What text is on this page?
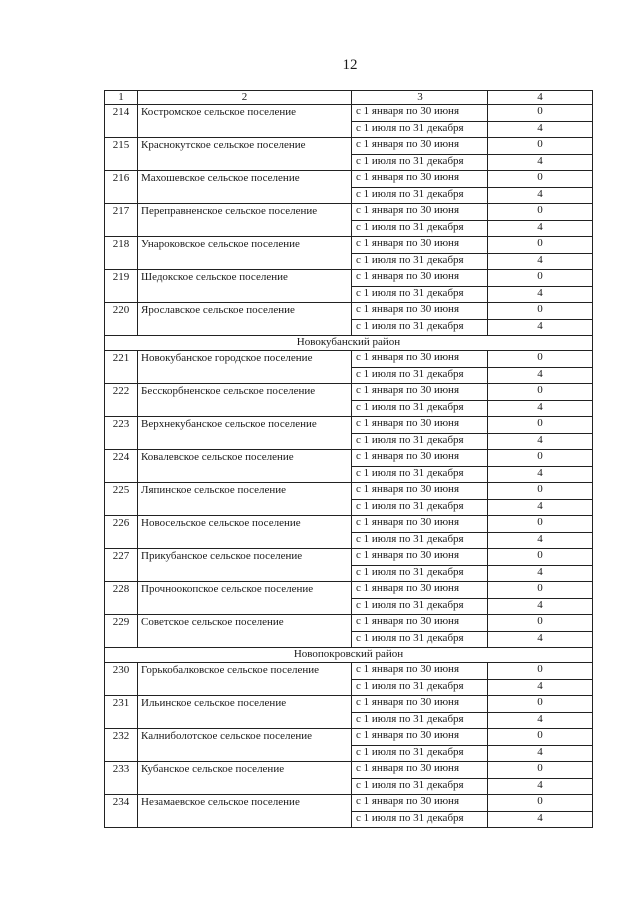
12
1	2	3	4
214	Костромское сельское поселение	с 1 января по 30 июня	0
		с 1 июля по 31 декабря	4
215	Краснокутское сельское поселение	с 1 января по 30 июня	0
		с 1 июля по 31 декабря	4
216	Махошевское сельское поселение	с 1 января по 30 июня	0
		с 1 июля по 31 декабря	4
217	Переправненское сельское поселение	с 1 января по 30 июня	0
		с 1 июля по 31 декабря	4
218	Унароковское сельское поселение	с 1 января по 30 июня	0
		с 1 июля по 31 декабря	4
219	Шедокское сельское поселение	с 1 января по 30 июня	0
		с 1 июля по 31 декабря	4
220	Ярославское сельское поселение	с 1 января по 30 июня	0
		с 1 июля по 31 декабря	4
Новокубанский район			
221	Новокубанское городское поселение	с 1 января по 30 июня	0
		с 1 июля по 31 декабря	4
222	Бесскорбненское сельское поселение	с 1 января по 30 июня	0
		с 1 июля по 31 декабря	4
223	Верхнекубанское сельское поселение	с 1 января по 30 июня	0
		с 1 июля по 31 декабря	4
224	Ковалевское сельское поселение	с 1 января по 30 июня	0
		с 1 июля по 31 декабря	4
225	Ляпинское сельское поселение	с 1 января по 30 июня	0
		с 1 июля по 31 декабря	4
226	Новосельское сельское поселение	с 1 января по 30 июня	0
		с 1 июля по 31 декабря	4
227	Прикубанское сельское поселение	с 1 января по 30 июня	0
		с 1 июля по 31 декабря	4
228	Прочноокопское сельское поселение	с 1 января по 30 июня	0
		с 1 июля по 31 декабря	4
229	Советское сельское поселение	с 1 января по 30 июня	0
		с 1 июля по 31 декабря	4
Новопокровский район			
230	Горькобалковское сельское поселение	с 1 января по 30 июня	0
		с 1 июля по 31 декабря	4
231	Ильинское сельское поселение	с 1 января по 30 июня	0
		с 1 июля по 31 декабря	4
232	Калниболотское сельское поселение	с 1 января по 30 июня	0
		с 1 июля по 31 декабря	4
233	Кубанское сельское поселение	с 1 января по 30 июня	0
		с 1 июля по 31 декабря	4
234	Незамаевское сельское поселение	с 1 января по 30 июня	0
		с 1 июля по 31 декабря	4
